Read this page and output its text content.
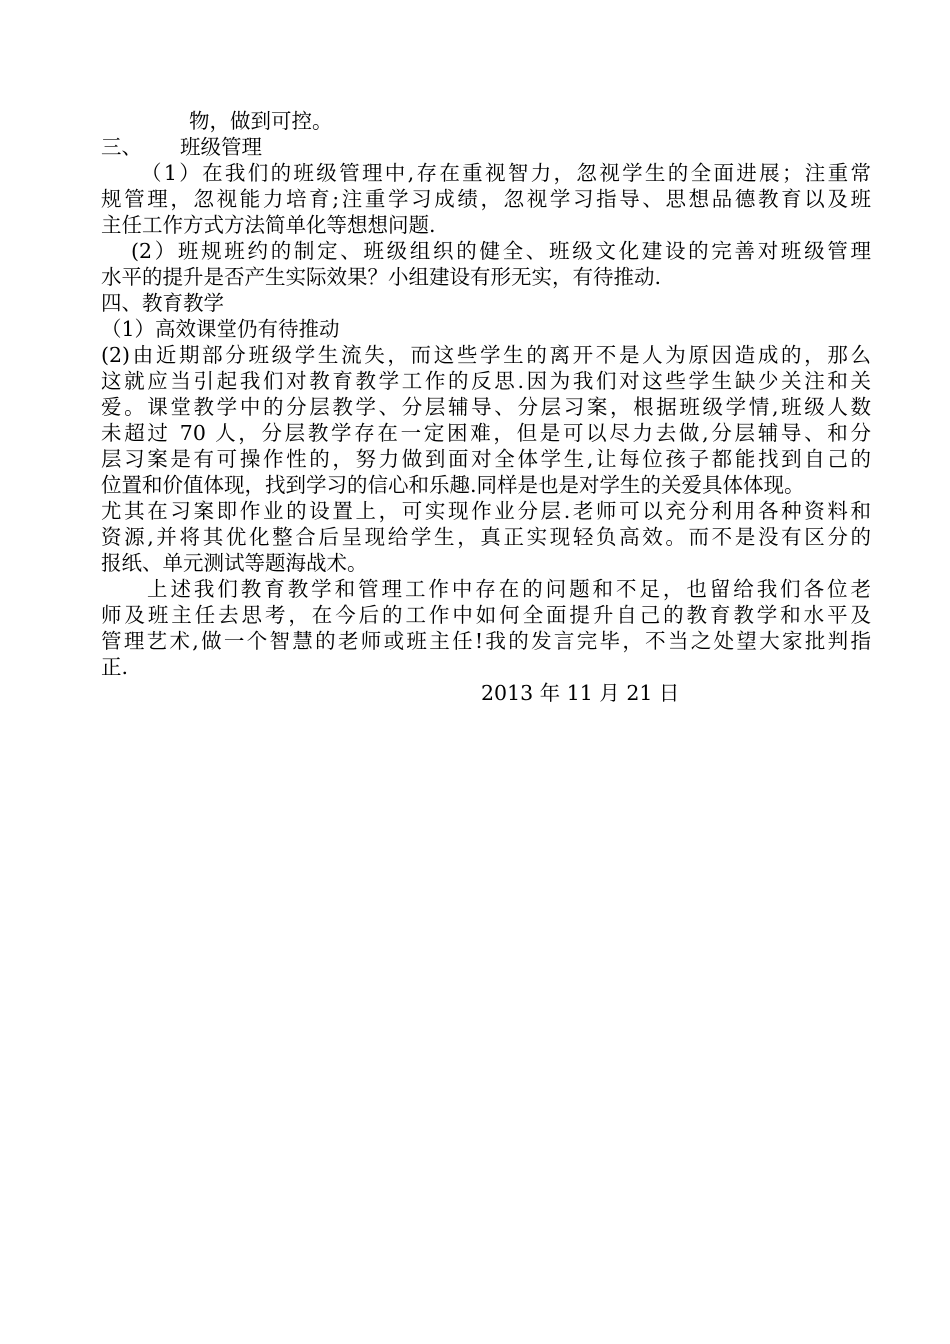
物，做到可控。
三、 班级管理
（1）在我们的班级管理中,存在重视智力，忽视学生的全面进展；注重常
规管理，忽视能力培育;注重学习成绩，忽视学习指导、思想品德教育以及班
主任工作方式方法简单化等想想问题.
(2）班规班约的制定、班级组织的健全、班级文化建设的完善对班级管理
水平的提升是否产生实际效果？小组建设有形无实，有待推动.
四、教育教学
（1）高效课堂仍有待推动
(2)由近期部分班级学生流失，而这些学生的离开不是人为原因造成的，那么
这就应当引起我们对教育教学工作的反思.因为我们对这些学生缺少关注和关
爱。课堂教学中的分层教学、分层辅导、分层习案，根据班级学情,班级人数
未超过 70 人，分层教学存在一定困难，但是可以尽力去做,分层辅导、和分
层习案是有可操作性的，努力做到面对全体学生,让每位孩子都能找到自己的
位置和价值体现，找到学习的信心和乐趣.同样是也是对学生的关爱具体体现。
尤其在习案即作业的设置上，可实现作业分层.老师可以充分利用各种资料和
资源,并将其优化整合后呈现给学生，真正实现轻负高效。而不是没有区分的
报纸、单元测试等题海战术。
上述我们教育教学和管理工作中存在的问题和不足，也留给我们各位老
师及班主任去思考，在今后的工作中如何全面提升自己的教育教学和水平及
管理艺术,做一个智慧的老师或班主任!我的发言完毕，不当之处望大家批判指
正.
2013 年 11 月 21 日
